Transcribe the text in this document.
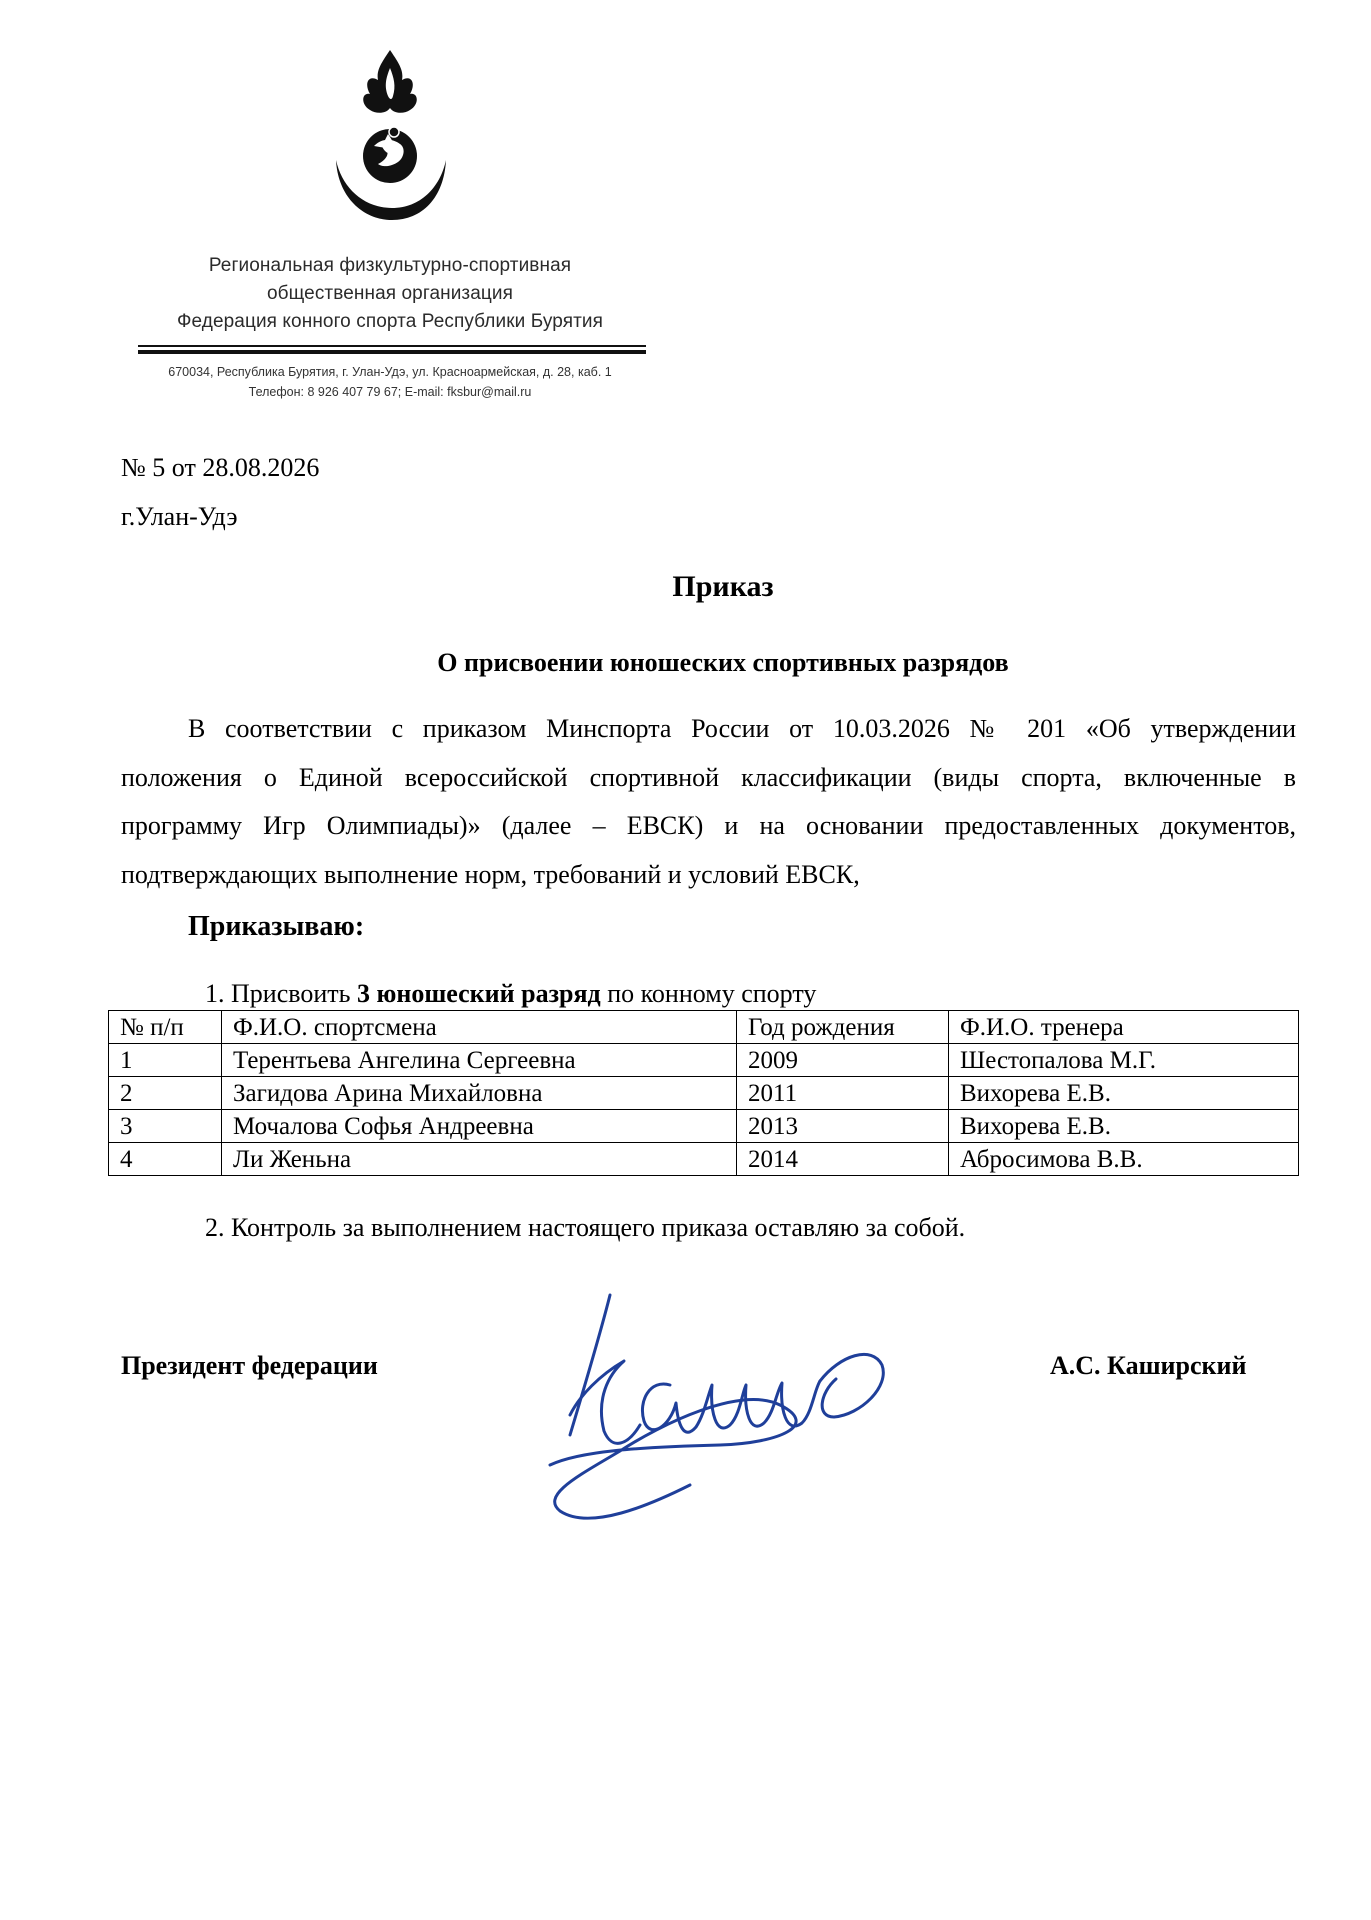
Региональная физкультурно-спортивная
общественная организация
Федерация конного спорта Республики Бурятия
670034, Республика Бурятия, г. Улан-Удэ, ул. Красноармейская, д. 28, каб. 1
Телефон: 8 926 407 79 67; E-mail: fksbur@mail.ru
№ 5 от 28.08.2026
г.Улан-Удэ
Приказ
О присвоении юношеских спортивных разрядов
В соответствии с приказом Минспорта России от 10.03.2026 № 201 «Об утверждении
положения о Единой всероссийской спортивной классификации (виды спорта, включенные в
программу Игр Олимпиады)» (далее – ЕВСК) и на основании предоставленных документов,
подтверждающих выполнение норм, требований и условий ЕВСК,
Приказываю:
1. Присвоить 3 юношеский разряд по конному спорту
№ п/п	Ф.И.О. спортсмена	Год рождения	Ф.И.О. тренера
1	Терентьева Ангелина Сергеевна	2009	Шестопалова М.Г.
2	Загидова Арина Михайловна	2011	Вихорева Е.В.
3	Мочалова Софья Андреевна	2013	Вихорева Е.В.
4	Ли Женьна	2014	Абросимова В.В.
2. Контроль за выполнением настоящего приказа оставляю за собой.
Президент федерации	А.С. Каширский
